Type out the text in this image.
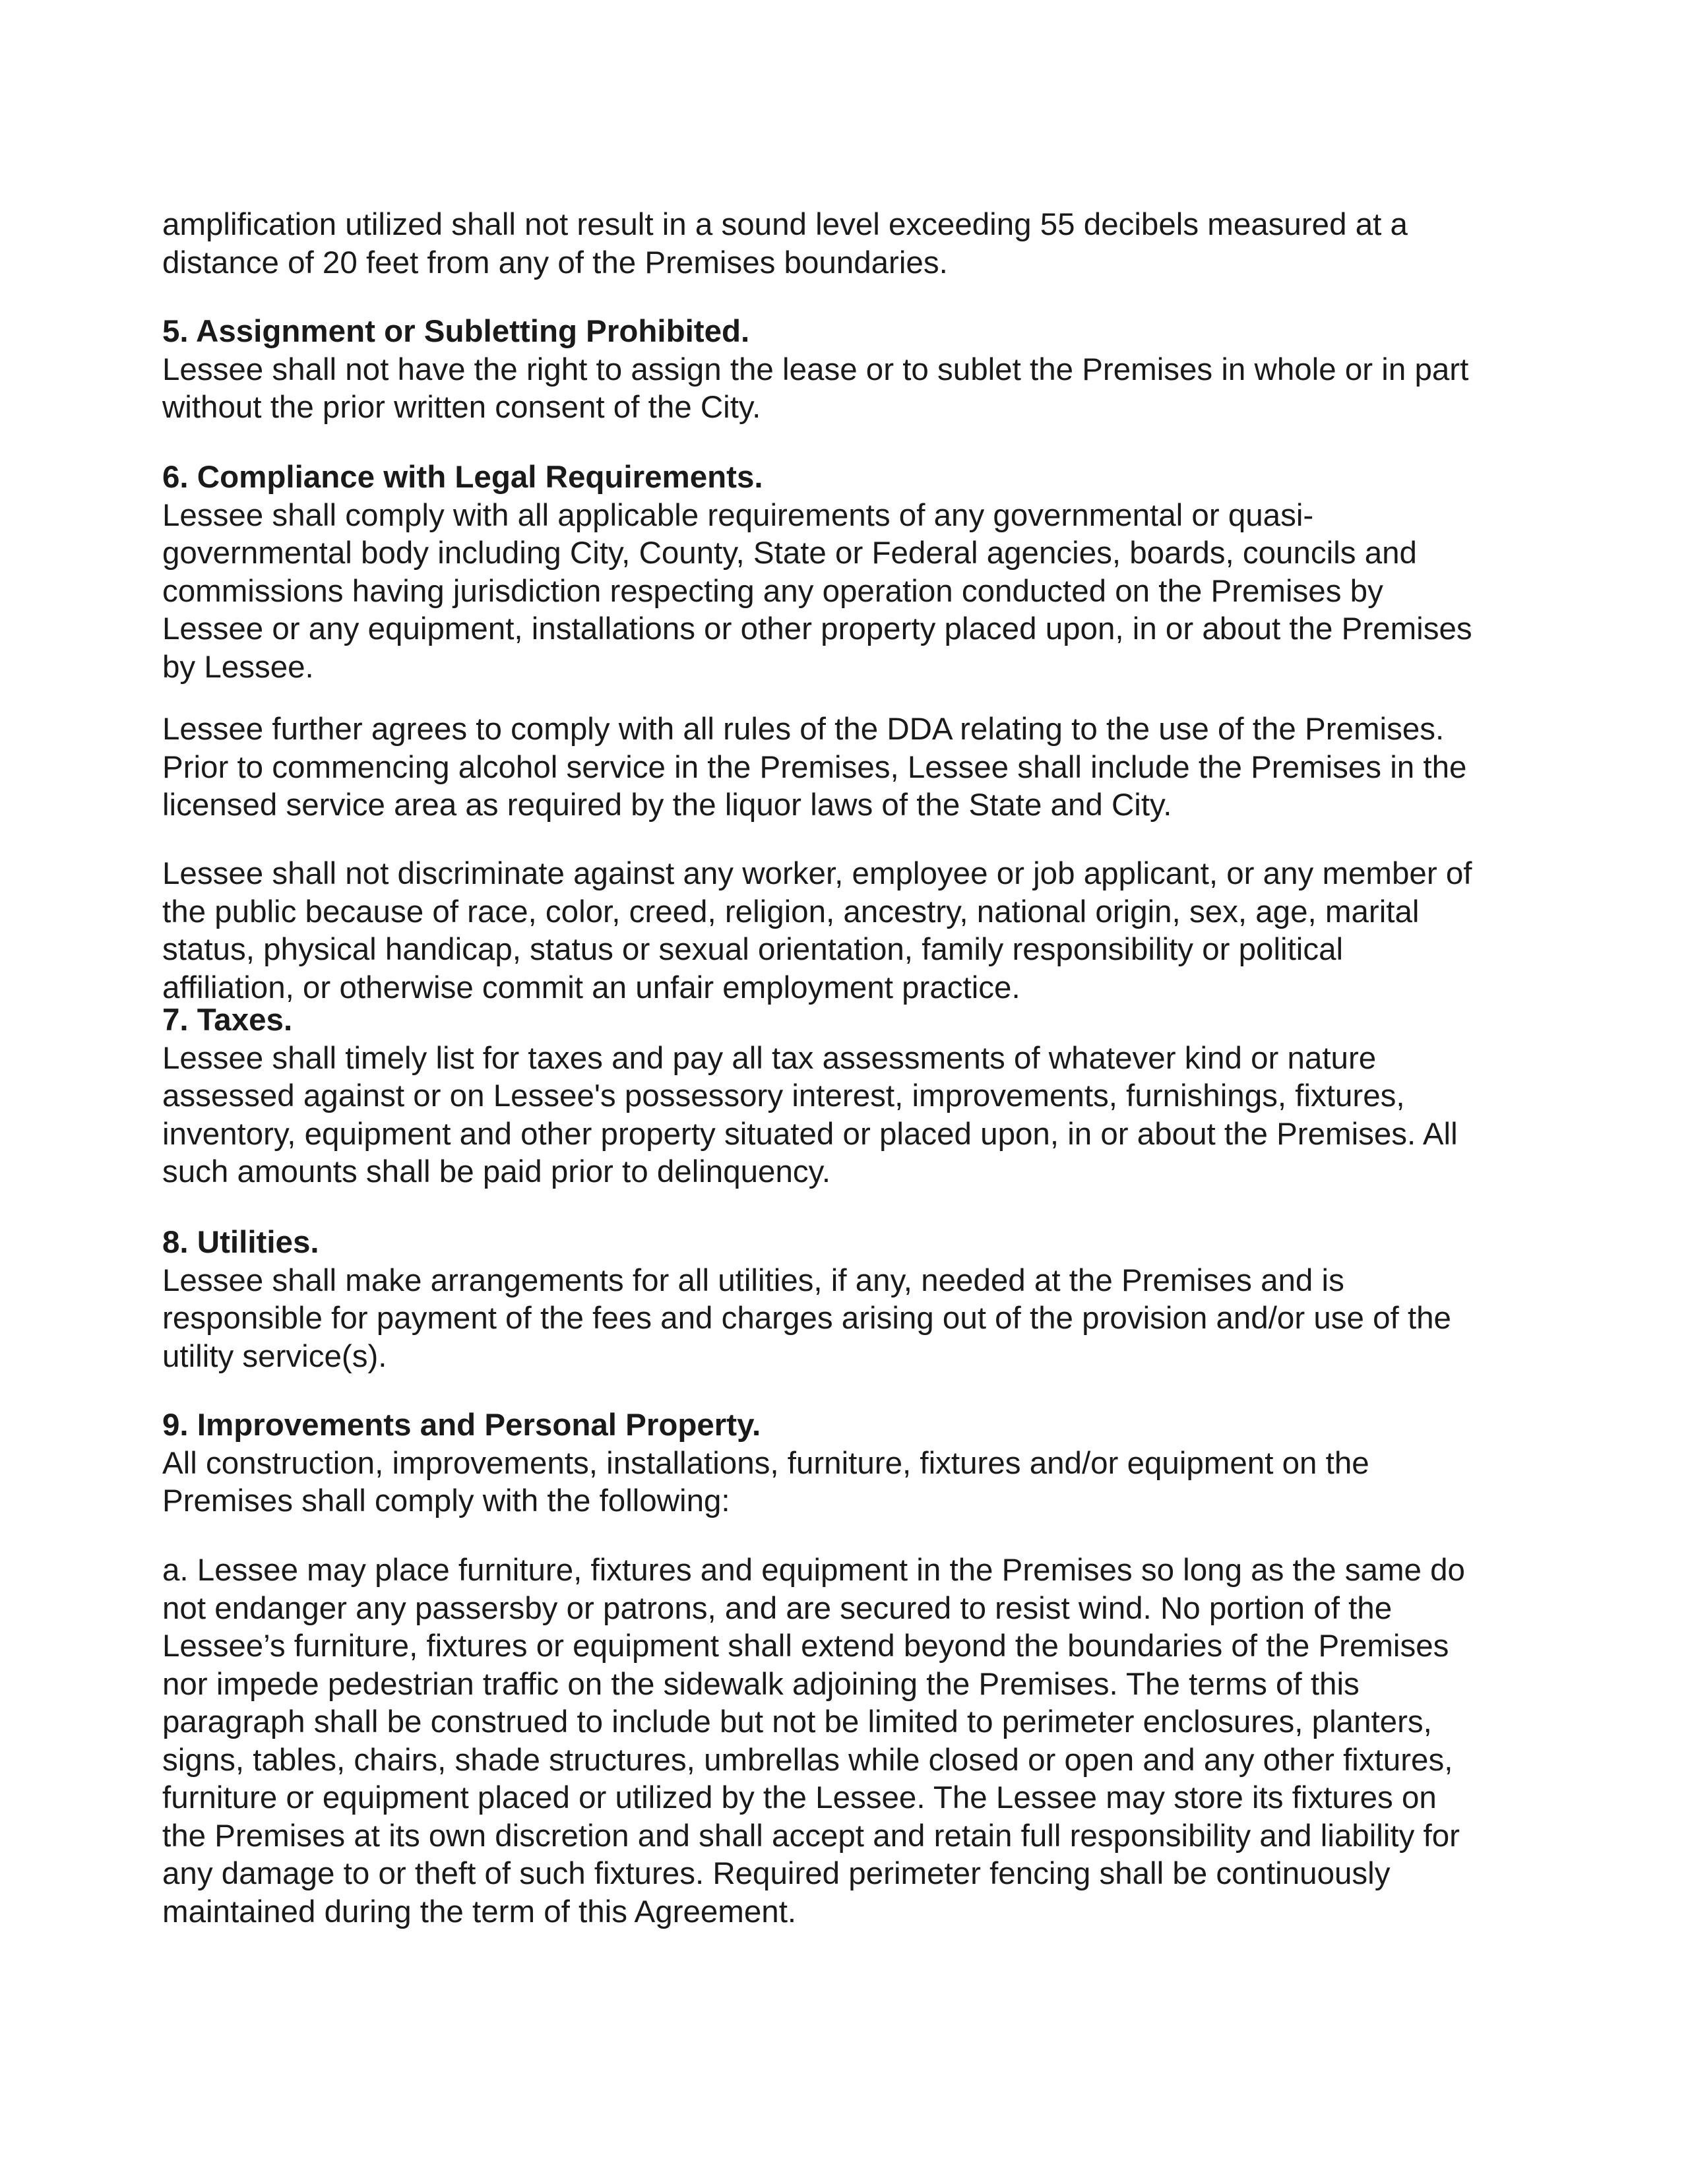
amplification utilized shall not result in a sound level exceeding 55 decibels measured at a
distance of 20 feet from any of the Premises boundaries.

5. Assignment or Subletting Prohibited.
Lessee shall not have the right to assign the lease or to sublet the Premises in whole or in part
without the prior written consent of the City.

6. Compliance with Legal Requirements.
Lessee shall comply with all applicable requirements of any governmental or quasi-
governmental body including City, County, State or Federal agencies, boards, councils and
commissions having jurisdiction respecting any operation conducted on the Premises by
Lessee or any equipment, installations or other property placed upon, in or about the Premises
by Lessee.

Lessee further agrees to comply with all rules of the DDA relating to the use of the Premises.
Prior to commencing alcohol service in the Premises, Lessee shall include the Premises in the
licensed service area as required by the liquor laws of the State and City.

Lessee shall not discriminate against any worker, employee or job applicant, or any member of
the public because of race, color, creed, religion, ancestry, national origin, sex, age, marital
status, physical handicap, status or sexual orientation, family responsibility or political
affiliation, or otherwise commit an unfair employment practice.

7. Taxes.
Lessee shall timely list for taxes and pay all tax assessments of whatever kind or nature
assessed against or on Lessee's possessory interest, improvements, furnishings, fixtures,
inventory, equipment and other property situated or placed upon, in or about the Premises. All
such amounts shall be paid prior to delinquency.

8. Utilities.
Lessee shall make arrangements for all utilities, if any, needed at the Premises and is
responsible for payment of the fees and charges arising out of the provision and/or use of the
utility service(s).

9. Improvements and Personal Property.
All construction, improvements, installations, furniture, fixtures and/or equipment on the
Premises shall comply with the following:

a. Lessee may place furniture, fixtures and equipment in the Premises so long as the same do
not endanger any passersby or patrons, and are secured to resist wind. No portion of the
Lessee’s furniture, fixtures or equipment shall extend beyond the boundaries of the Premises
nor impede pedestrian traffic on the sidewalk adjoining the Premises. The terms of this
paragraph shall be construed to include but not be limited to perimeter enclosures, planters,
signs, tables, chairs, shade structures, umbrellas while closed or open and any other fixtures,
furniture or equipment placed or utilized by the Lessee. The Lessee may store its fixtures on
the Premises at its own discretion and shall accept and retain full responsibility and liability for
any damage to or theft of such fixtures. Required perimeter fencing shall be continuously
maintained during the term of this Agreement.
